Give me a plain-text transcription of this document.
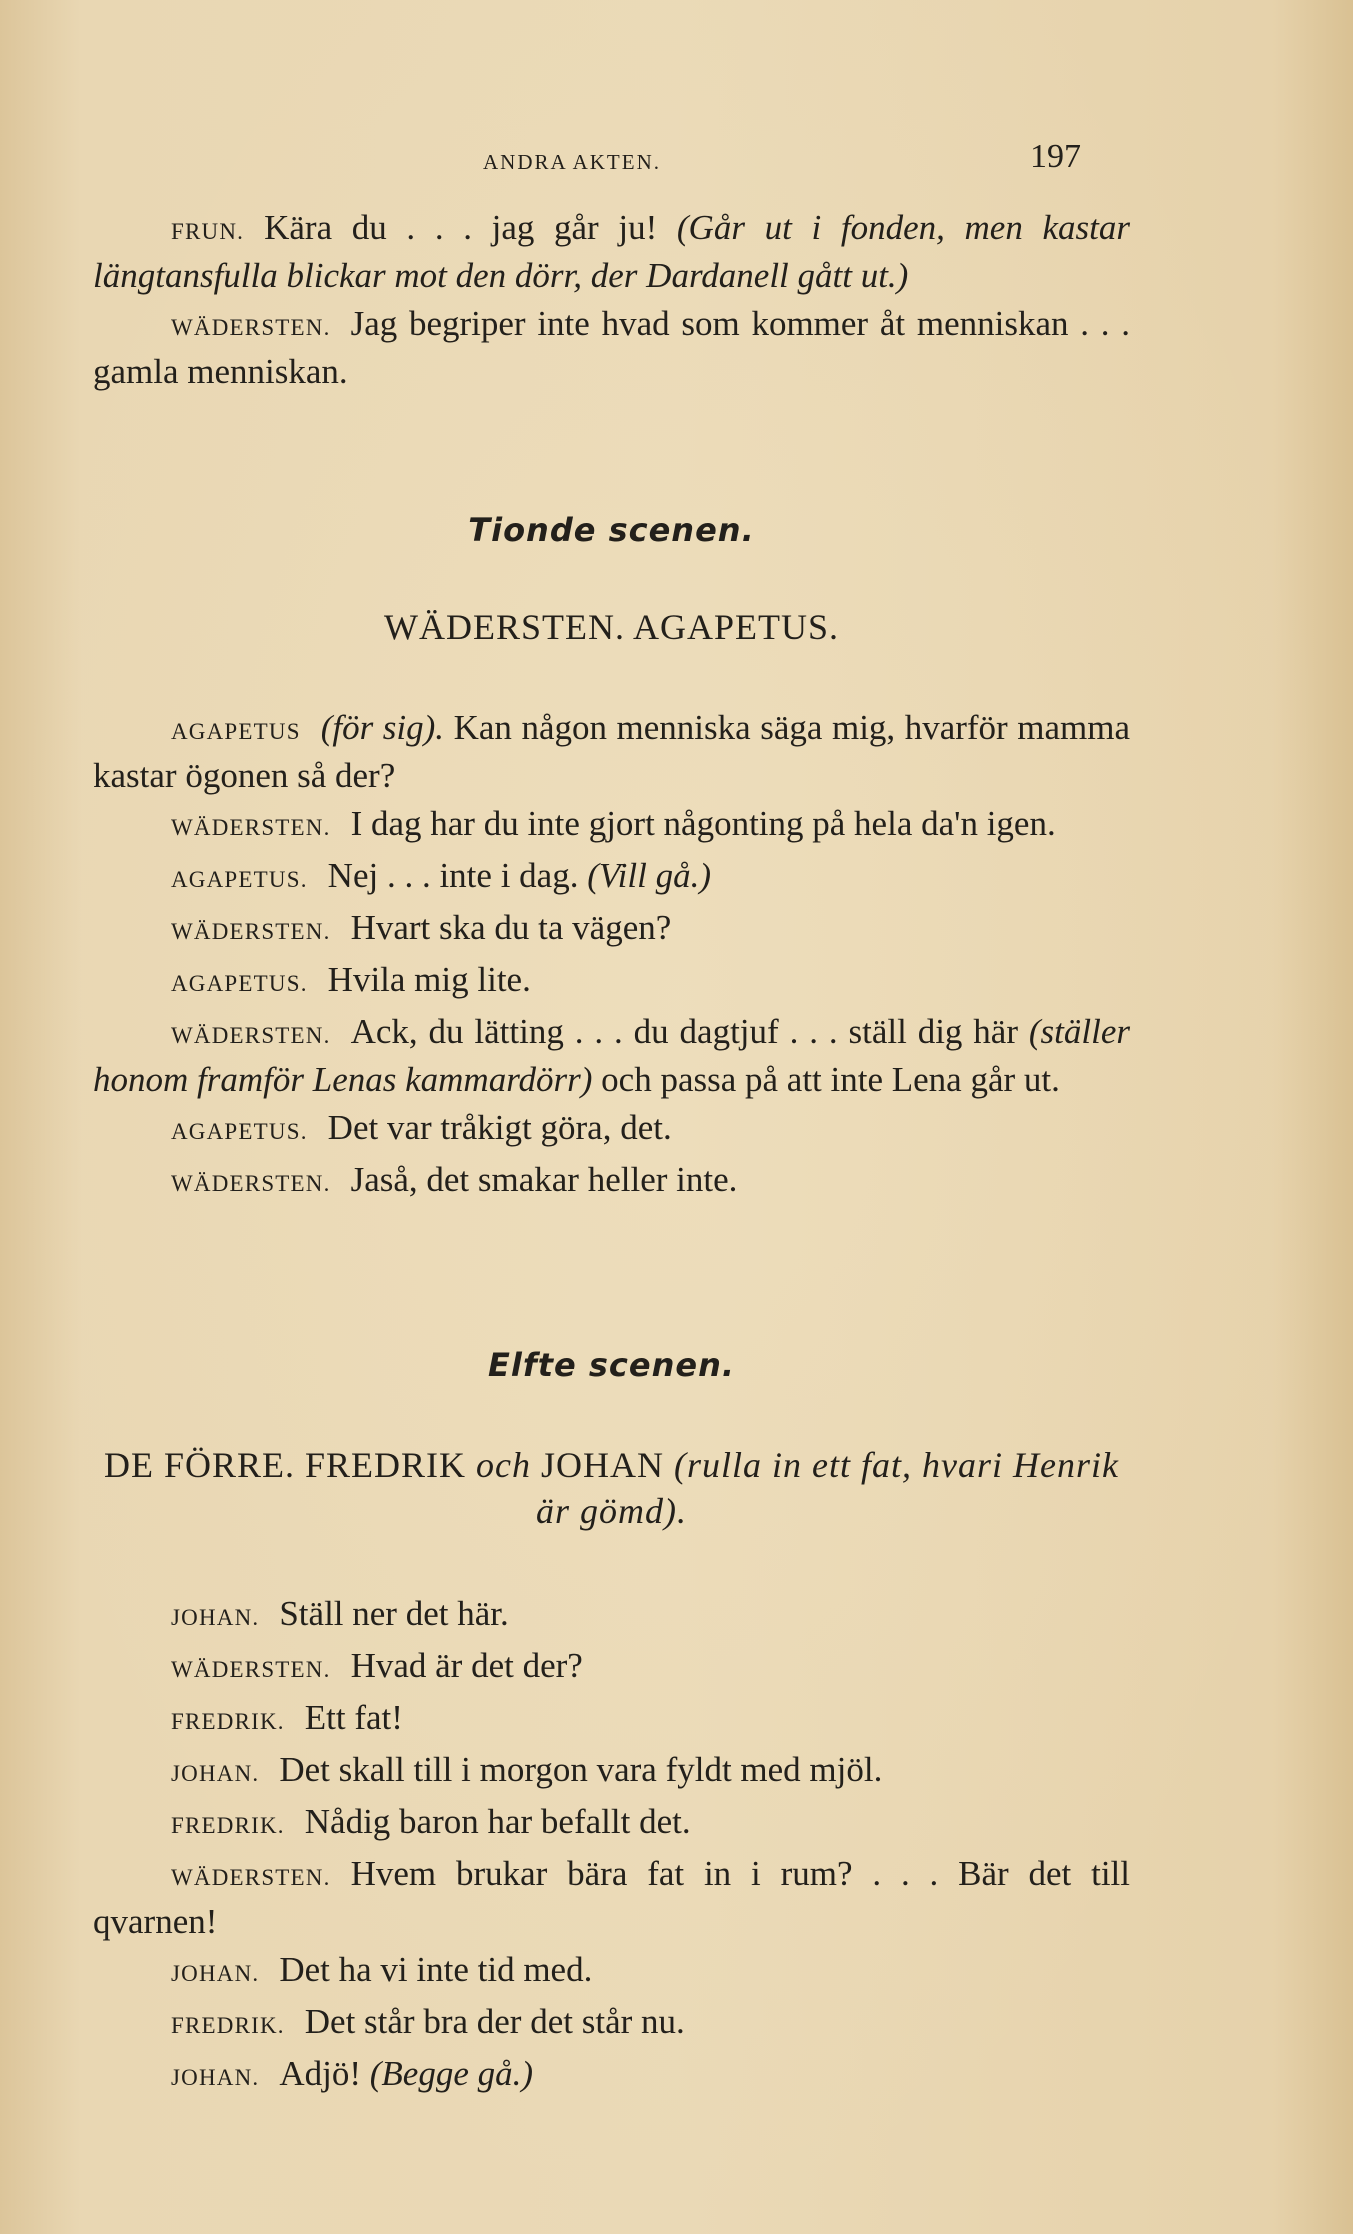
ANDRA AKTEN.	197

FRUN. Kära du . . . jag går ju! (Går ut i fonden, men kastar längtansfulla blickar mot den dörr, der Dardanell gått ut.)

WÄDERSTEN. Jag begriper inte hvad som kommer åt menniskan . . . gamla menniskan.

Tionde scenen.
WÄDERSTEN. AGAPETUS.

AGAPETUS (för sig). Kan någon menniska säga mig, hvarför mamma kastar ögonen så der?

WÄDERSTEN. I dag har du inte gjort någonting på hela da'n igen.

AGAPETUS. Nej . . . inte i dag. (Vill gå.)

WÄDERSTEN. Hvart ska du ta vägen?

AGAPETUS. Hvila mig lite.

WÄDERSTEN. Ack, du lätting . . . du dagtjuf . . . ställ dig här (ställer honom framför Lenas kammardörr) och passa på att inte Lena går ut.

AGAPETUS. Det var tråkigt göra, det.

WÄDERSTEN. Jaså, det smakar heller inte.

Elfte scenen.
DE FÖRRE. FREDRIK och JOHAN (rulla in ett fat, hvari Henrik är gömd).

JOHAN. Ställ ner det här.

WÄDERSTEN. Hvad är det der?

FREDRIK. Ett fat!

JOHAN. Det skall till i morgon vara fyldt med mjöl.

FREDRIK. Nådig baron har befallt det.

WÄDERSTEN. Hvem brukar bära fat in i rum? . . . Bär det till qvarnen!

JOHAN. Det ha vi inte tid med.

FREDRIK. Det står bra der det står nu.

JOHAN. Adjö! (Begge gå.)
